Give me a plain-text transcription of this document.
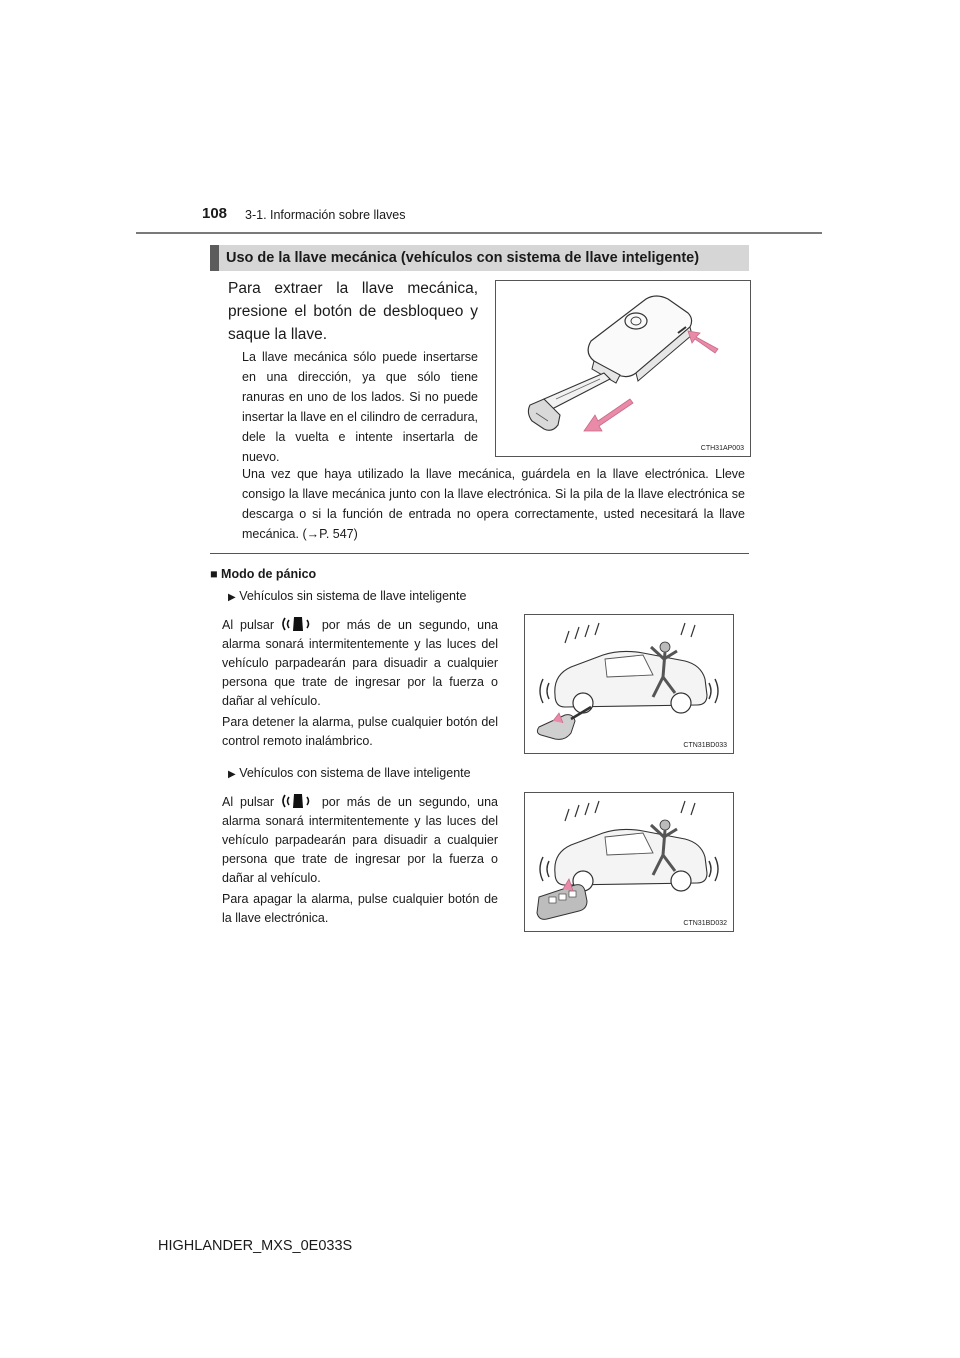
108 3-1. Información sobre llaves
Uso de la llave mecánica (vehículos con sistema de llave inteligente)
Para extraer la llave mecánica, presione el botón de desbloqueo y saque la llave.
La llave mecánica sólo puede insertarse en una dirección, ya que sólo tiene ranuras en uno de los lados. Si no puede insertar la llave en el cilindro de cerradura, dele la vuelta e intente insertarla de nuevo.
CTH31AP003
Una vez que haya utilizado la llave mecánica, guárdela en la llave electrónica. Lleve consigo la llave mecánica junto con la llave electrónica. Si la pila de la llave electrónica se descarga o si la función de entrada no opera correctamente, usted necesitará la llave mecánica. (→P. 547)
■ Modo de pánico
▶ Vehículos sin sistema de llave inteligente
Al pulsar	por más de un segundo, una alarma sonará intermitentemente y las luces del vehículo parpadearán para disuadir a cualquier persona que trate de ingresar por la fuerza o dañar al vehículo.
Para detener la alarma, pulse cualquier botón del control remoto inalámbrico.	CTN31BD033
▶ Vehículos con sistema de llave inteligente
Al pulsar	por más de un segundo, una alarma sonará intermitentemente y las luces del vehículo parpadearán para disuadir a cualquier persona que trate de ingresar por la fuerza o dañar al vehículo.
Para apagar la alarma, pulse cualquier botón de la llave electrónica.	CTN31BD032
HIGHLANDER_MXS_0E033S
